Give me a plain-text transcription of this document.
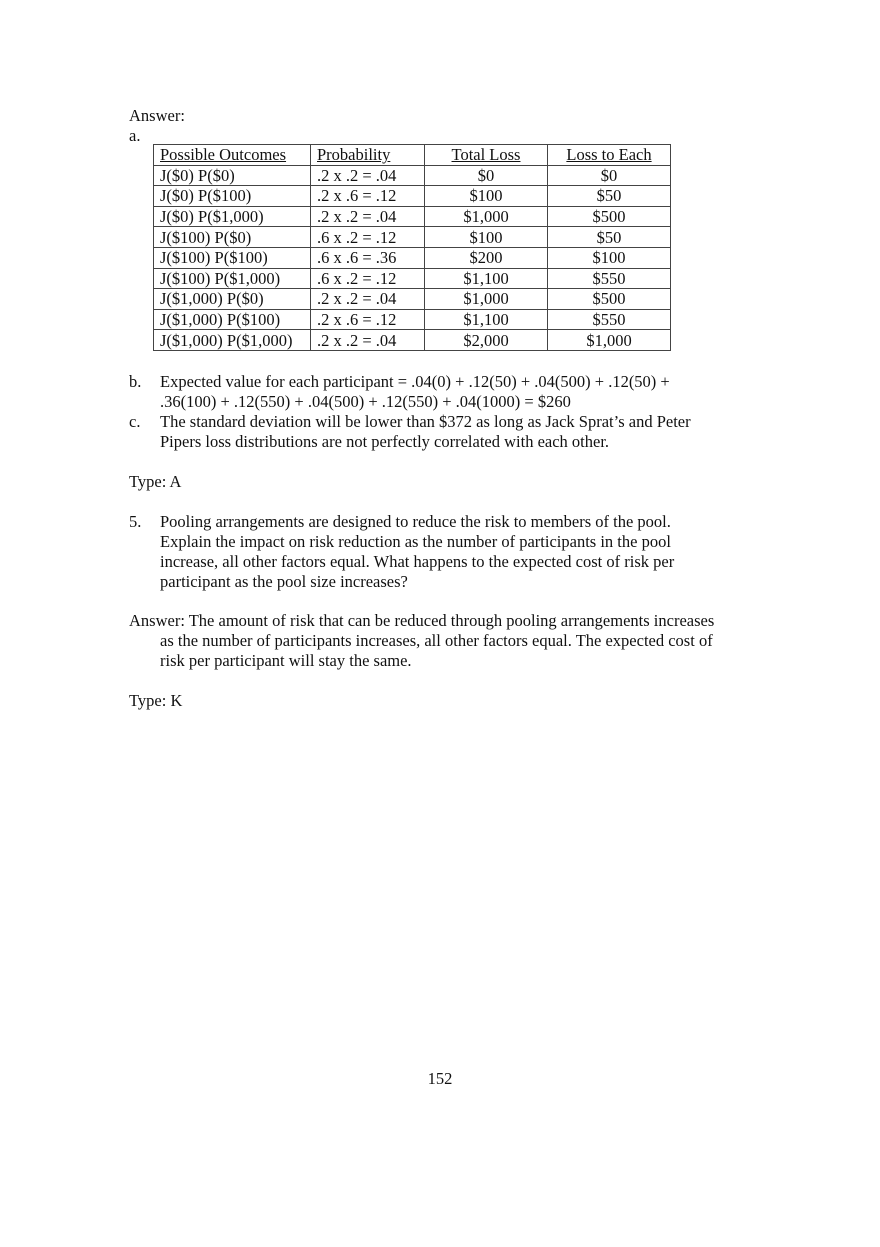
Answer:
a.
Possible Outcomes	Probability	Total Loss	Loss to Each
J($0) P($0)	.2 x .2 = .04	$0	$0
J($0) P($100)	.2 x .6 = .12	$100	$50
J($0) P($1,000)	.2 x .2 = .04	$1,000	$500
J($100) P($0)	.6 x .2 = .12	$100	$50
J($100) P($100)	.6 x .6 = .36	$200	$100
J($100) P($1,000)	.6 x .2 = .12	$1,100	$550
J($1,000) P($0)	.2 x .2 = .04	$1,000	$500
J($1,000) P($100)	.2 x .6 = .12	$1,100	$550
J($1,000) P($1,000)	.2 x .2 = .04	$2,000	$1,000
b. Expected value for each participant = .04(0) + .12(50) + .04(500) + .12(50) +
.36(100) + .12(550) + .04(500) + .12(550) + .04(1000) = $260
c. The standard deviation will be lower than $372 as long as Jack Sprat’s and Peter
Pipers loss distributions are not perfectly correlated with each other.
Type: A
5. Pooling arrangements are designed to reduce the risk to members of the pool.
Explain the impact on risk reduction as the number of participants in the pool
increase, all other factors equal. What happens to the expected cost of risk per
participant as the pool size increases?
Answer: The amount of risk that can be reduced through pooling arrangements increases
as the number of participants increases, all other factors equal. The expected cost of
risk per participant will stay the same.
Type: K
152
